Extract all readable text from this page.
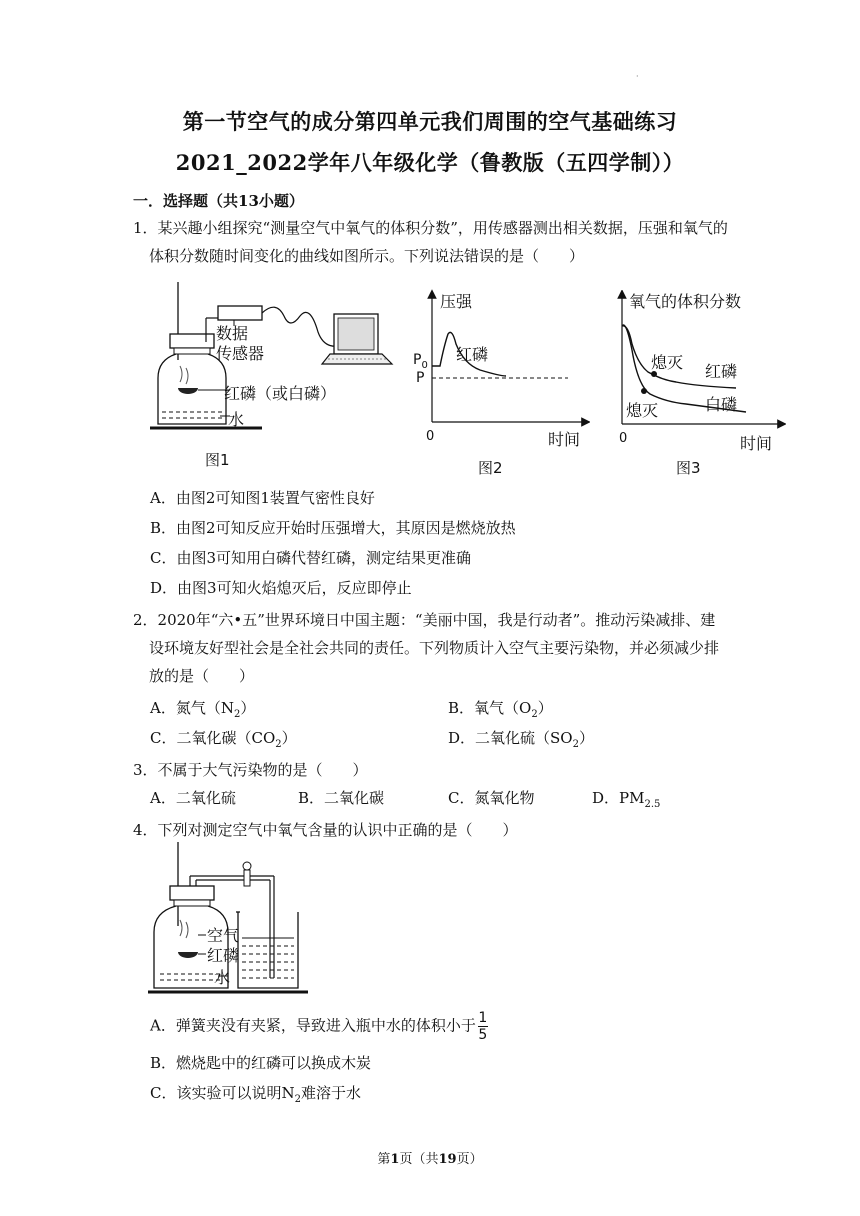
·
第一节空气的成分第四单元我们周围的空气基础练习
2021_2022学年八年级化学（鲁教版（五四学制））
一．选择题（共13小题）
1．某兴趣小组探究“测量空气中氧气的体积分数”，用传感器测出相关数据，压强和氧气的
体积分数随时间变化的曲线如图所示。下列说法错误的是（　　）
数据
传感器
红磷（或白磷）
水
图1
压强
$P_0$
P
红磷
0	时间
图2
氧气的体积分数
熄灭
熄灭
红磷
白磷
0	时间
图3
A．由图2可知图1装置气密性良好
B．由图2可知反应开始时压强增大，其原因是燃烧放热
C．由图3可知用白磷代替红磷，测定结果更准确
D．由图3可知火焰熄灭后，反应即停止
2．2020年“六•五”世界环境日中国主题：“美丽中国，我是行动者”。推动污染减排、建
设环境友好型社会是全社会共同的责任。下列物质计入空气主要污染物，并必须减少排
放的是（　　）
A．氮气$(N_2)$	B．氧气$(O_2)$
C．二氧化碳$(CO_2)$	D．二氧化硫$(SO_2)$
3．不属于大气污染物的是（　　）
A．二氧化硫	B．二氧化碳	C．氮氧化物	D．$PM_{2.5}$
4．下列对测定空气中氧气含量的认识中正确的是（　　）
空气
红磷
水
A．弹簧夹没有夹紧，导致进入瓶中水的体积小于 $\frac{1}{5}$
B．燃烧匙中的红磷可以换成木炭
C．该实验可以说明$N_2$难溶于水
第1页（共19页）
